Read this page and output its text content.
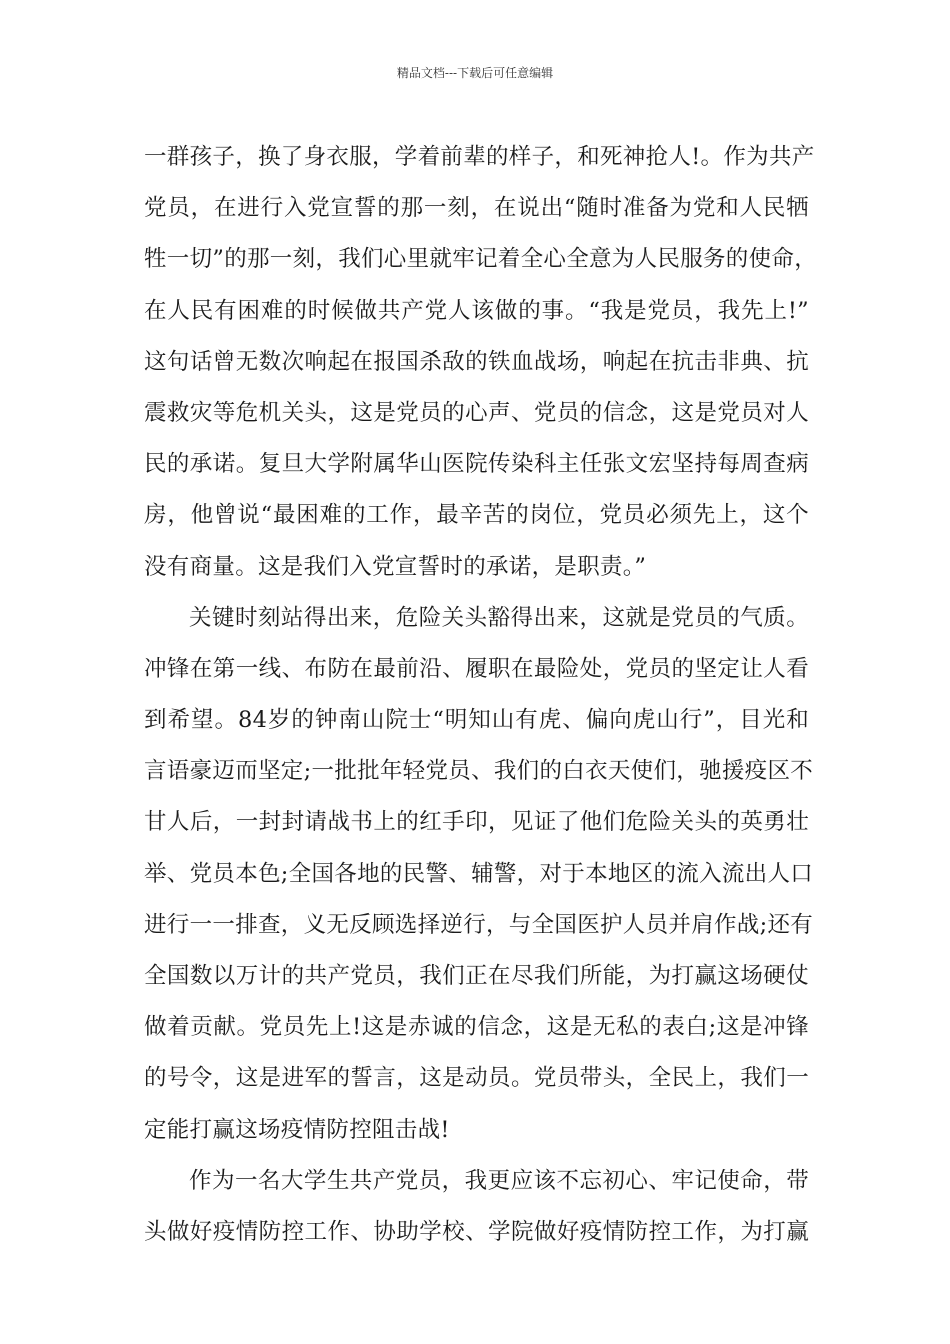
精品文档---下载后可任意编辑
一群孩子，换了身衣服，学着前辈的样子，和死神抢人!。作为共产
党员，在进行入党宣誓的那一刻，在说出“随时准备为党和人民牺
牲一切”的那一刻，我们心里就牢记着全心全意为人民服务的使命，
在人民有困难的时候做共产党人该做的事。“我是党员，我先上!”
这句话曾无数次响起在报国杀敌的铁血战场，响起在抗击非典、抗
震救灾等危机关头，这是党员的心声、党员的信念，这是党员对人
民的承诺。复旦大学附属华山医院传染科主任张文宏坚持每周查病
房，他曾说“最困难的工作，最辛苦的岗位，党员必须先上，这个
没有商量。这是我们入党宣誓时的承诺，是职责。”
关键时刻站得出来，危险关头豁得出来，这就是党员的气质。
冲锋在第一线、布防在最前沿、履职在最险处，党员的坚定让人看
到希望。84岁的钟南山院士“明知山有虎、偏向虎山行”，目光和
言语豪迈而坚定;一批批年轻党员、我们的白衣天使们，驰援疫区不
甘人后，一封封请战书上的红手印，见证了他们危险关头的英勇壮
举、党员本色;全国各地的民警、辅警，对于本地区的流入流出人口
进行一一排查，义无反顾选择逆行，与全国医护人员并肩作战;还有
全国数以万计的共产党员，我们正在尽我们所能，为打赢这场硬仗
做着贡献。党员先上!这是赤诚的信念，这是无私的表白;这是冲锋
的号令，这是进军的誓言，这是动员。党员带头，全民上，我们一
定能打赢这场疫情防控阻击战!
作为一名大学生共产党员，我更应该不忘初心、牢记使命，带
头做好疫情防控工作、协助学校、学院做好疫情防控工作，为打赢
